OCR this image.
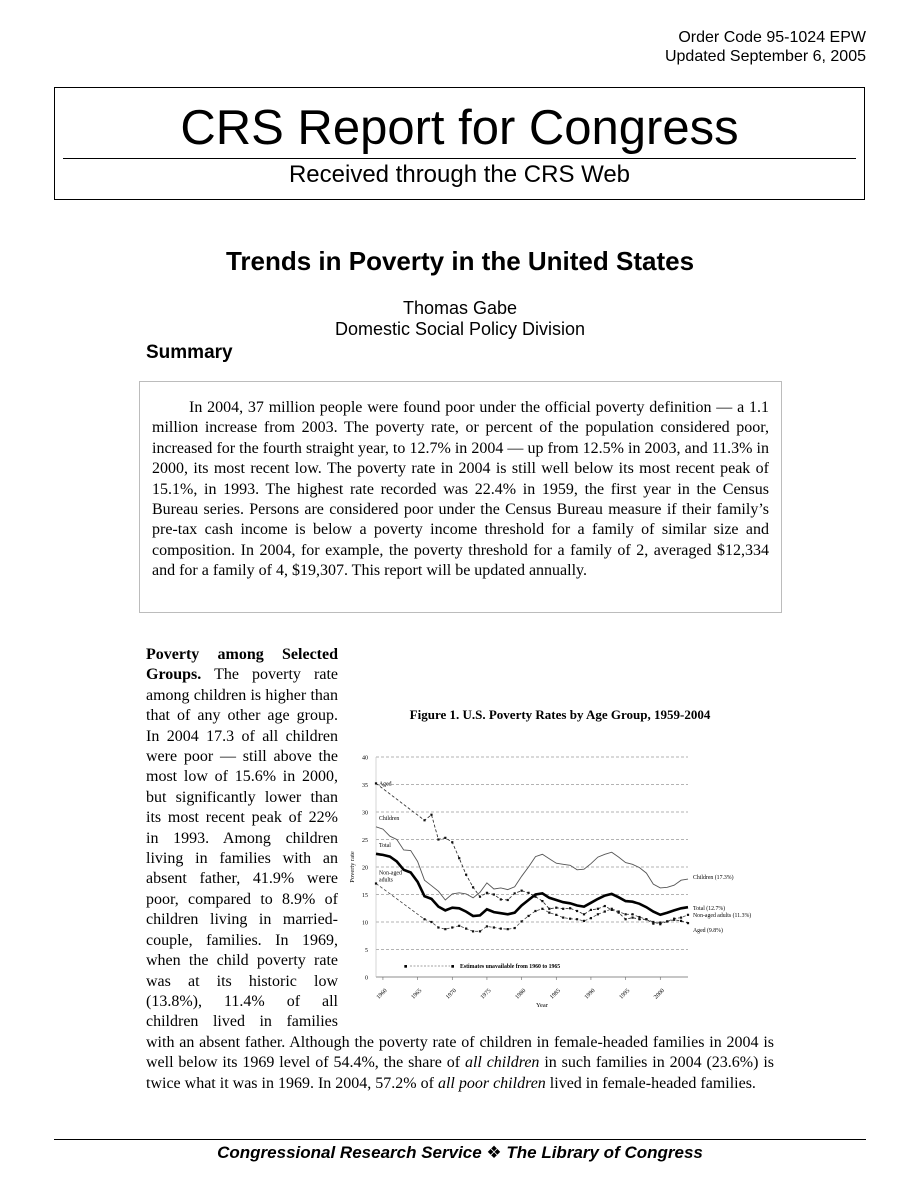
Order Code 95-1024 EPW
Updated September 6, 2005
CRS Report for Congress
Received through the CRS Web
Trends in Poverty in the United States
Thomas Gabe
Domestic Social Policy Division
Summary

In 2004, 37 million people were found poor under the official poverty definition — a 1.1 million increase from 2003. The poverty rate, or percent of the population considered poor, increased for the fourth straight year, to 12.7% in 2004 — up from 12.5% in 2003, and 11.3% in 2000, its most recent low. The poverty rate in 2004 is still well below its most recent peak of 15.1%, in 1993. The highest rate recorded was 22.4% in 1959, the first year in the Census Bureau series. Persons are considered poor under the Census Bureau measure if their family’s pre-tax cash income is below a poverty income threshold for a family of similar size and composition. In 2004, for example, the poverty threshold for a family of 2, averaged $12,334 and for a family of 4, $19,307. This report will be updated annually.

Figure 1. U.S. Poverty Rates by Age Group, 1959-2004
0
5
10
15
20
25
30
35
40
1960	1965	1970	1975	1980	1985	1990	1995	2000
Year
Poverty rate
Children
Children (17.3%)
Total
Total (12.7%)
Non-aged
adults
Non-aged adults (11.3%)
Aged
Aged (9.8%)
■	■ Estimates unavailable from 1960 to 1965
Poverty among Selected Groups. The poverty rate among children is higher than that of any other age group. In 2004 17.3 of all children were poor — still above the most low of 15.6% in 2000, but significantly lower than its most recent peak of 22% in 1993. Among children living in families with an absent father, 41.9% were poor, compared to 8.9% of children living in married-couple, families. In 1969, when the child poverty rate was at its historic low (13.8%), 11.4% of all children lived in families with an absent father. Although the poverty rate of children in female-headed families in 2004 is well below its 1969 level of 54.4%, the share of all children in such families in 2004 (23.6%) is twice what it was in 1969. In 2004, 57.2% of all poor children lived in female-headed families.
Congressional Research Service ❖ The Library of Congress
